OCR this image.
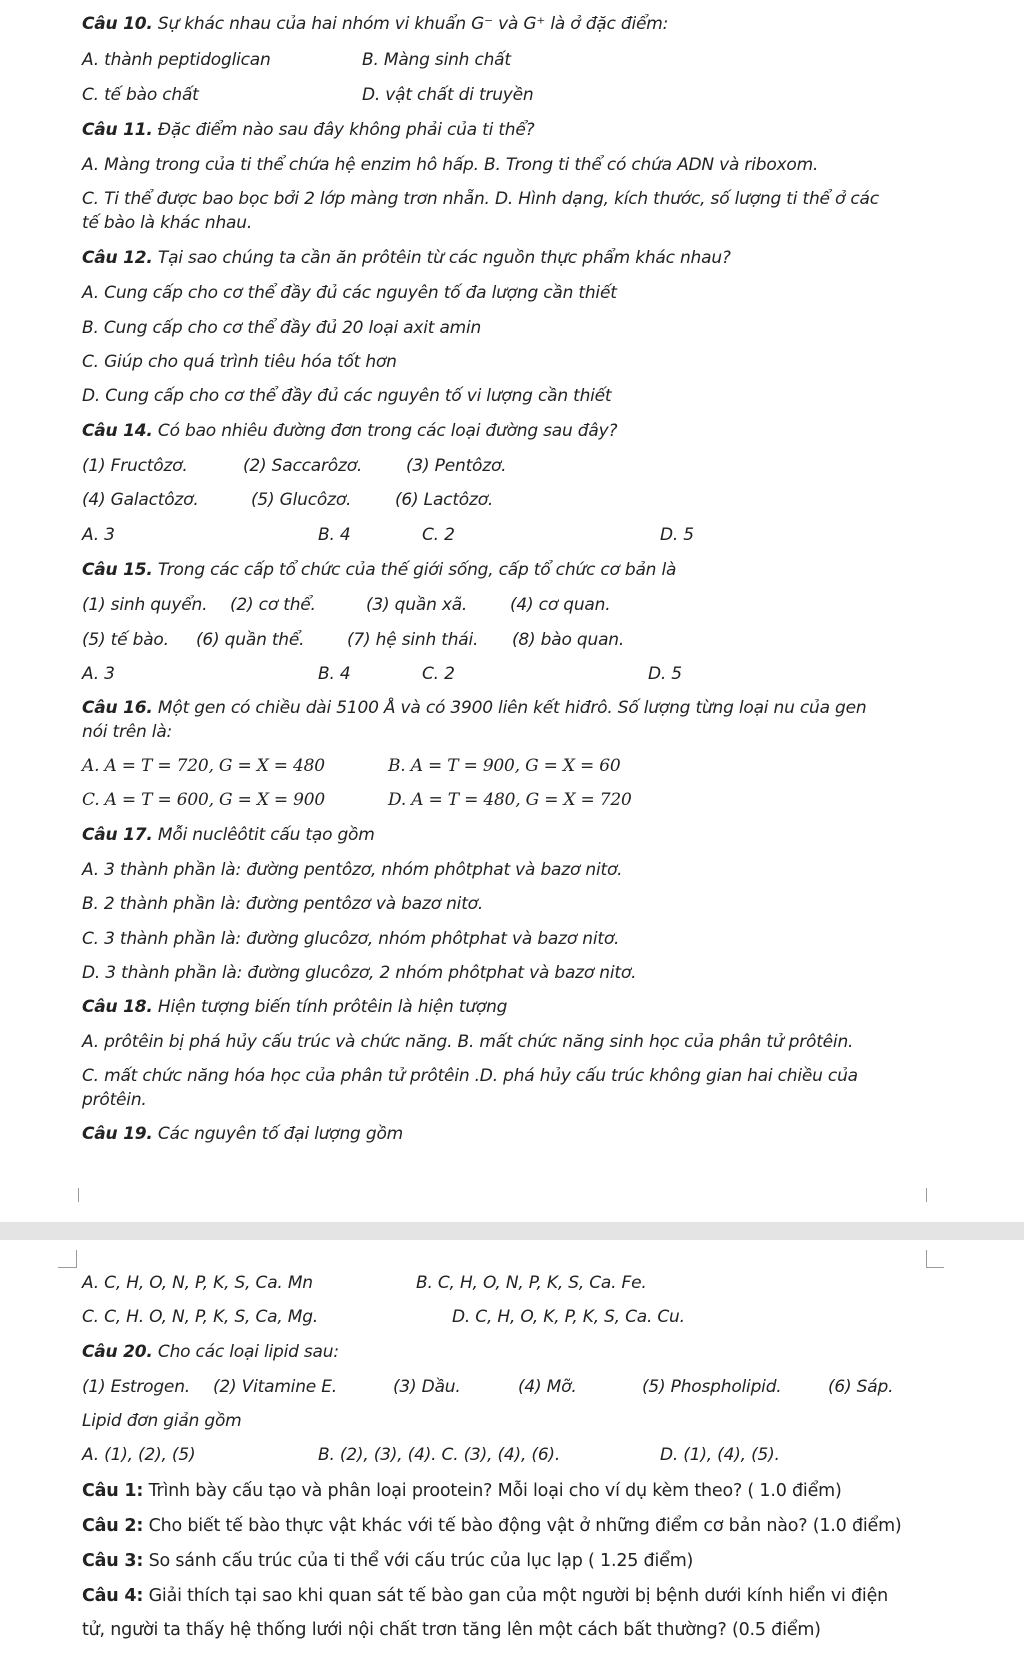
Câu 10. Sự khác nhau của hai nhóm vi khuẩn G⁻ và G⁺ là ở đặc điểm:
A. thành peptidoglican	B. Màng sinh chất
C. tế bào chất	D. vật chất di truyền
Câu 11. Đặc điểm nào sau đây không phải của ti thể?
A. Màng trong của ti thể chứa hệ enzim hô hấp. B. Trong ti thể có chứa ADN và riboxom.
C. Ti thể được bao bọc bởi 2 lớp màng trơn nhẵn. D. Hình dạng, kích thước, số lượng ti thể ở các
tế bào là khác nhau.
Câu 12. Tại sao chúng ta cần ăn prôtêin từ các nguồn thực phẩm khác nhau?
A. Cung cấp cho cơ thể đầy đủ các nguyên tố đa lượng cần thiết
B. Cung cấp cho cơ thể đầy đủ 20 loại axit amin
C. Giúp cho quá trình tiêu hóa tốt hơn
D. Cung cấp cho cơ thể đầy đủ các nguyên tố vi lượng cần thiết
Câu 14. Có bao nhiêu đường đơn trong các loại đường sau đây?
(1) Fructôzơ.	(2) Saccarôzơ.	(3) Pentôzơ.
(4) Galactôzơ.	(5) Glucôzơ.	(6) Lactôzơ.
A. 3	B. 4	C. 2	D. 5
Câu 15. Trong các cấp tổ chức của thế giới sống, cấp tổ chức cơ bản là
(1) sinh quyển. (2) cơ thể.	(3) quần xã.	(4) cơ quan.
(5) tế bào. (6) quần thể.	(7) hệ sinh thái. (8) bào quan.
A. 3	B. 4	C. 2	D. 5
Câu 16. Một gen có chiều dài 5100 Å và có 3900 liên kết hiđrô. Số lượng từng loại nu của gen
nói trên là:
A. A = T = 720, G = X = 480	B. A = T = 900, G = X = 60
C. A = T = 600, G = X = 900	D. A = T = 480, G = X = 720
Câu 17. Mỗi nuclêôtit cấu tạo gồm
A. 3 thành phần là: đường pentôzơ, nhóm phôtphat và bazơ nitơ.
B. 2 thành phần là: đường pentôzơ và bazơ nitơ.
C. 3 thành phần là: đường glucôzơ, nhóm phôtphat và bazơ nitơ.
D. 3 thành phần là: đường glucôzơ, 2 nhóm phôtphat và bazơ nitơ.
Câu 18. Hiện tượng biến tính prôtêin là hiện tượng
A. prôtêin bị phá hủy cấu trúc và chức năng. B. mất chức năng sinh học của phân tử prôtêin.
C. mất chức năng hóa học của phân tử prôtêin .D. phá hủy cấu trúc không gian hai chiều của
prôtêin.
Câu 19. Các nguyên tố đại lượng gồm
A. C, H, O, N, P, K, S, Ca. Mn	B. C, H, O, N, P, K, S, Ca. Fe.
C. C, H. O, N, P, K, S, Ca, Mg.	D. C, H, O, K, P, K, S, Ca. Cu.
Câu 20. Cho các loại lipid sau:
(1) Estrogen. (2) Vitamine E.	(3) Dầu.	(4) Mỡ.	(5) Phospholipid.	(6) Sáp.
Lipid đơn giản gồm
A. (1), (2), (5)	B. (2), (3), (4). C. (3), (4), (6).	D. (1), (4), (5).
Câu 1: Trình bày cấu tạo và phân loại prootein? Mỗi loại cho ví dụ kèm theo? ( 1.0 điểm)
Câu 2: Cho biết tế bào thực vật khác với tế bào động vật ở những điểm cơ bản nào? (1.0 điểm)
Câu 3: So sánh cấu trúc của ti thể với cấu trúc của lục lạp ( 1.25 điểm)
Câu 4: Giải thích tại sao khi quan sát tế bào gan của một người bị bệnh dưới kính hiển vi điện
tử, người ta thấy hệ thống lưới nội chất trơn tăng lên một cách bất thường? (0.5 điểm)
